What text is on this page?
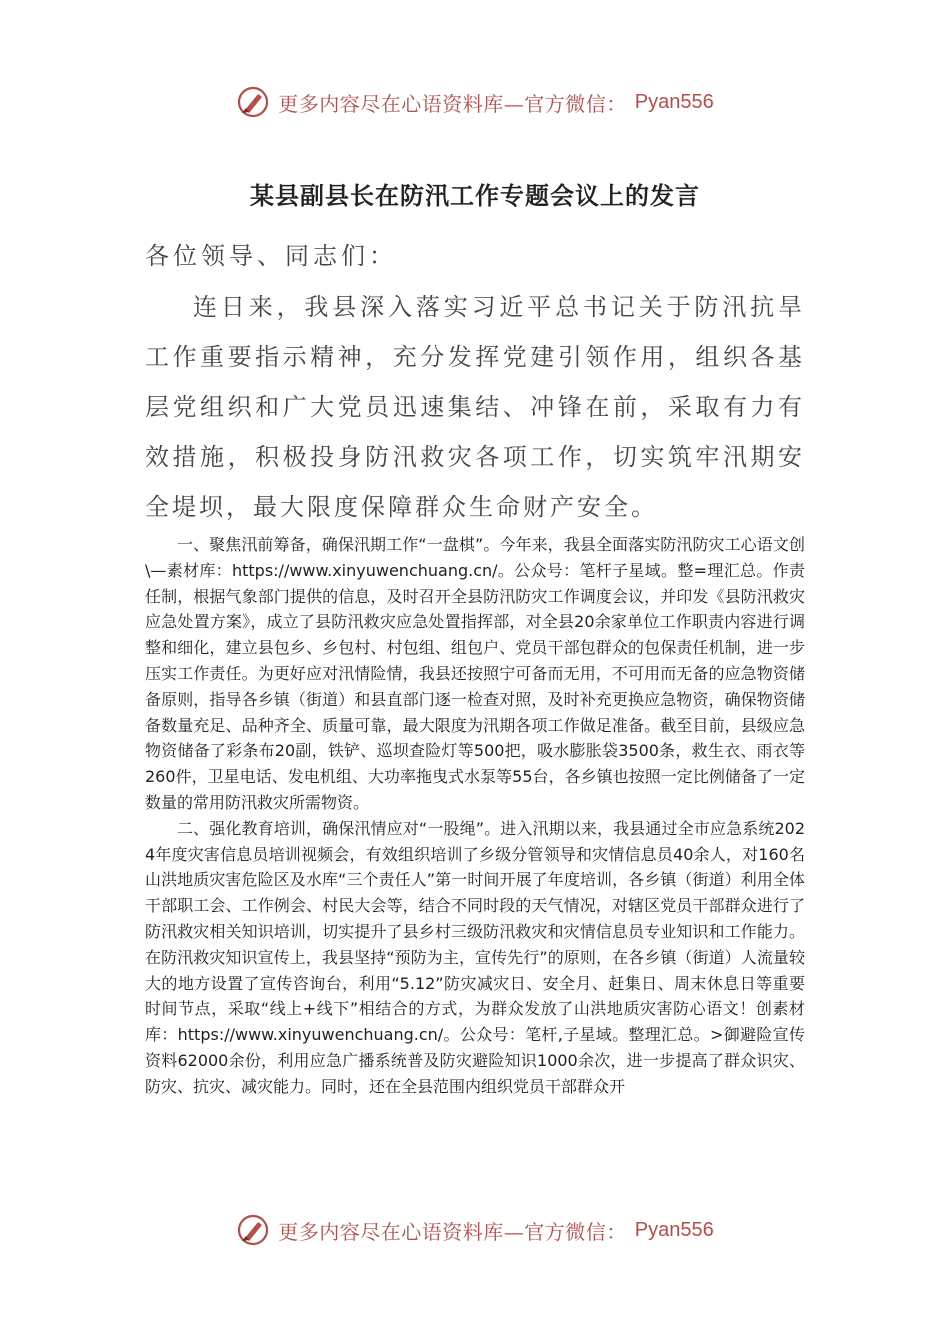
更多内容尽在心语资料库—官方微信： Pyan556
某县副县长在防汛工作专题会议上的发言
各位领导、同志们：

连日来，我县深入落实习近平总书记关于防汛抗旱工作重要指示精神，充分发挥党建引领作用，组织各基层党组织和广大党员迅速集结、冲锋在前，采取有力有效措施，积极投身防汛救灾各项工作，切实筑牢汛期安全堤坝，最大限度保障群众生命财产安全。

一、聚焦汛前筹备，确保汛期工作“一盘棋”。今年来，我县全面落实防汛防灾工心语文创\—素材库：https://www.xinyuwenchuang.cn/。公众号：笔杆子星域。整=理汇总。作责任制，根据气象部门提供的信息，及时召开全县防汛防灾工作调度会议，并印发《县防汛救灾应急处置方案》，成立了县防汛救灾应急处置指挥部，对全县20余家单位工作职责内容进行调整和细化，建立县包乡、乡包村、村包组、组包户、党员干部包群众的包保责任机制，进一步压实工作责任。为更好应对汛情险情，我县还按照宁可备而无用，不可用而无备的应急物资储备原则，指导各乡镇（街道）和县直部门逐一检查对照，及时补充更换应急物资，确保物资储备数量充足、品种齐全、质量可靠，最大限度为汛期各项工作做足准备。截至目前，县级应急物资储备了彩条布20副，铁铲、巡坝查险灯等500把，吸水膨胀袋3500条，救生衣、雨衣等260件，卫星电话、发电机组、大功率拖曳式水泵等55台，各乡镇也按照一定比例储备了一定数量的常用防汛救灾所需物资。

二、强化教育培训，确保汛情应对“一股绳”。进入汛期以来，我县通过全市应急系统2024年度灾害信息员培训视频会，有效组织培训了乡级分管领导和灾情信息员40余人，对160名山洪地质灾害危险区及水库“三个责任人”第一时间开展了年度培训，各乡镇（街道）利用全体干部职工会、工作例会、村民大会等，结合不同时段的天气情况，对辖区党员干部群众进行了防汛救灾相关知识培训，切实提升了县乡村三级防汛救灾和灾情信息员专业知识和工作能力。在防汛救灾知识宣传上，我县坚持“预防为主，宣传先行”的原则，在各乡镇（街道）人流量较大的地方设置了宣传咨询台，利用“5.12”防灾减灾日、安全月、赶集日、周末休息日等重要时间节点，采取“线上+线下”相结合的方式，为群众发放了山洪地质灾害防心语文！创素材库：https://www.xinyuwenchuang.cn/。公众号：笔杆,子星域。整理汇总。>御避险宣传资料62000余份，利用应急广播系统普及防灾避险知识1000余次，进一步提高了群众识灾、防灾、抗灾、减灾能力。同时，还在全县范围内组织党员干部群众开

更多内容尽在心语资料库—官方微信： Pyan556
